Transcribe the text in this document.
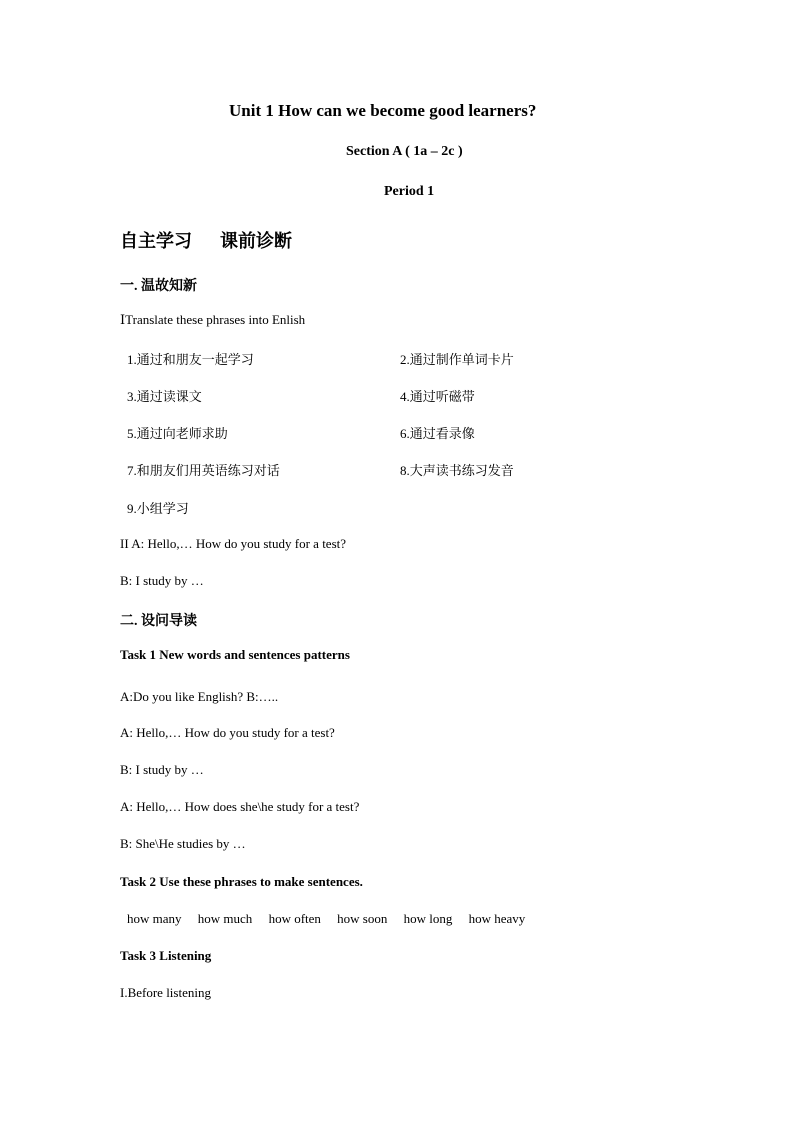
Unit 1 How can we become good learners?
Section A ( 1a – 2c )
Period 1
自主学习 课前诊断
一. 温故知新
ⅠTranslate these phrases into Enlish
1.通过和朋友一起学习	2.通过制作单词卡片
3.通过读课文	4.通过听磁带
5.通过向老师求助	6.通过看录像
7.和朋友们用英语练习对话	8.大声读书练习发音
9.小组学习
II A: Hello,… How do you study for a test?
B: I study by …
二. 设问导读
Task 1 New words and sentences patterns
A:Do you like English? B:…..
A: Hello,… How do you study for a test?
B: I study by …
A: Hello,… How does she\he study for a test?
B: She\He studies by …
Task 2 Use these phrases to make sentences.
how many how much how often how soon how long how heavy
Task 3 Listening
I.Before listening
